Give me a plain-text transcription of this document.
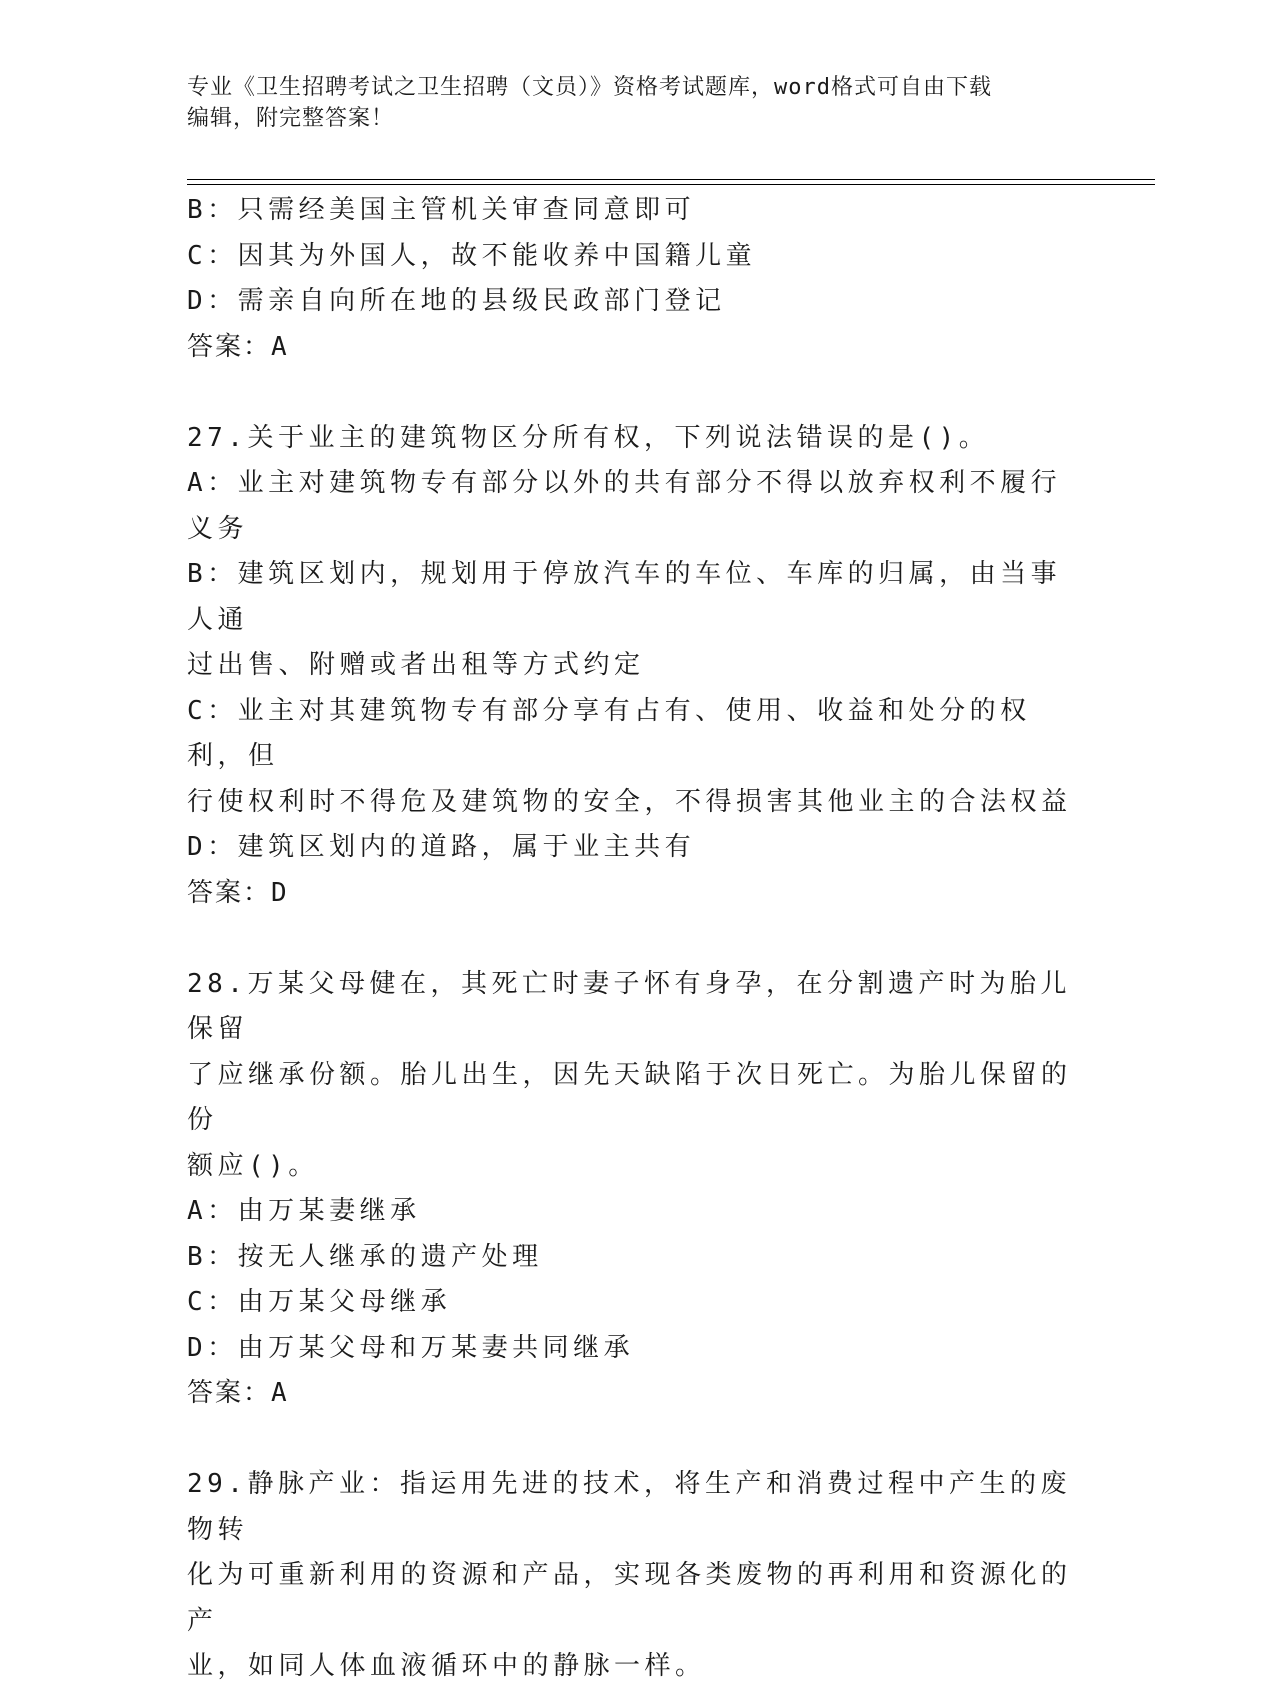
专业《卫生招聘考试之卫生招聘（文员）》资格考试题库，word格式可自由下载

编辑，附完整答案！

B：只需经美国主管机关审查同意即可

C：因其为外国人，故不能收养中国籍儿童

D：需亲自向所在地的县级民政部门登记

答案：A

27.关于业主的建筑物区分所有权，下列说法错误的是()。

A：业主对建筑物专有部分以外的共有部分不得以放弃权利不履行义务

B：建筑区划内，规划用于停放汽车的车位、车库的归属，由当事人通

过出售、附赠或者出租等方式约定

C：业主对其建筑物专有部分享有占有、使用、收益和处分的权利，但

行使权利时不得危及建筑物的安全，不得损害其他业主的合法权益

D：建筑区划内的道路，属于业主共有

答案：D

28.万某父母健在，其死亡时妻子怀有身孕，在分割遗产时为胎儿保留

了应继承份额。胎儿出生，因先天缺陷于次日死亡。为胎儿保留的份

额应()。

A：由万某妻继承

B：按无人继承的遗产处理

C：由万某父母继承

D：由万某父母和万某妻共同继承

答案：A

29.静脉产业：指运用先进的技术，将生产和消费过程中产生的废物转

化为可重新利用的资源和产品，实现各类废物的再利用和资源化的产

业，如同人体血液循环中的静脉一样。
